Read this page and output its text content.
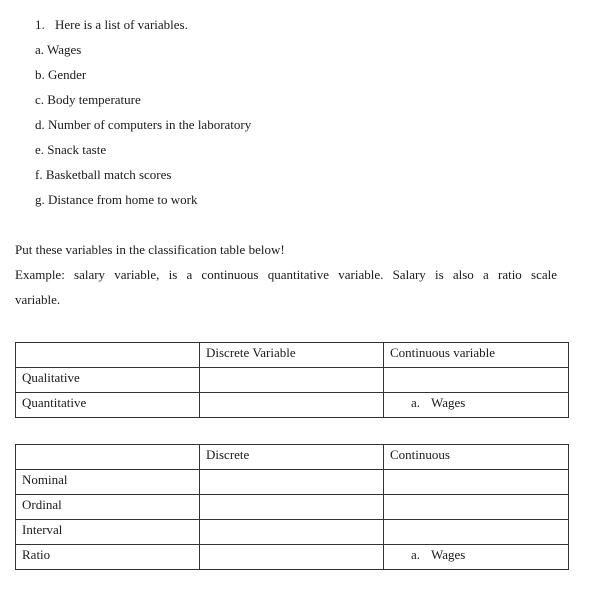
1. Here is a list of variables.
a. Wages
b. Gender
c. Body temperature
d. Number of computers in the laboratory
e. Snack taste
f. Basketball match scores
g. Distance from home to work
Put these variables in the classification table below!
Example: salary variable, is a continuous quantitative variable. Salary is also a ratio scale
variable.
	Discrete Variable	Continuous variable
Qualitative		
Quantitative		a. Wages
	Discrete	Continuous
Nominal		
Ordinal		
Interval		
Ratio		a. Wages
